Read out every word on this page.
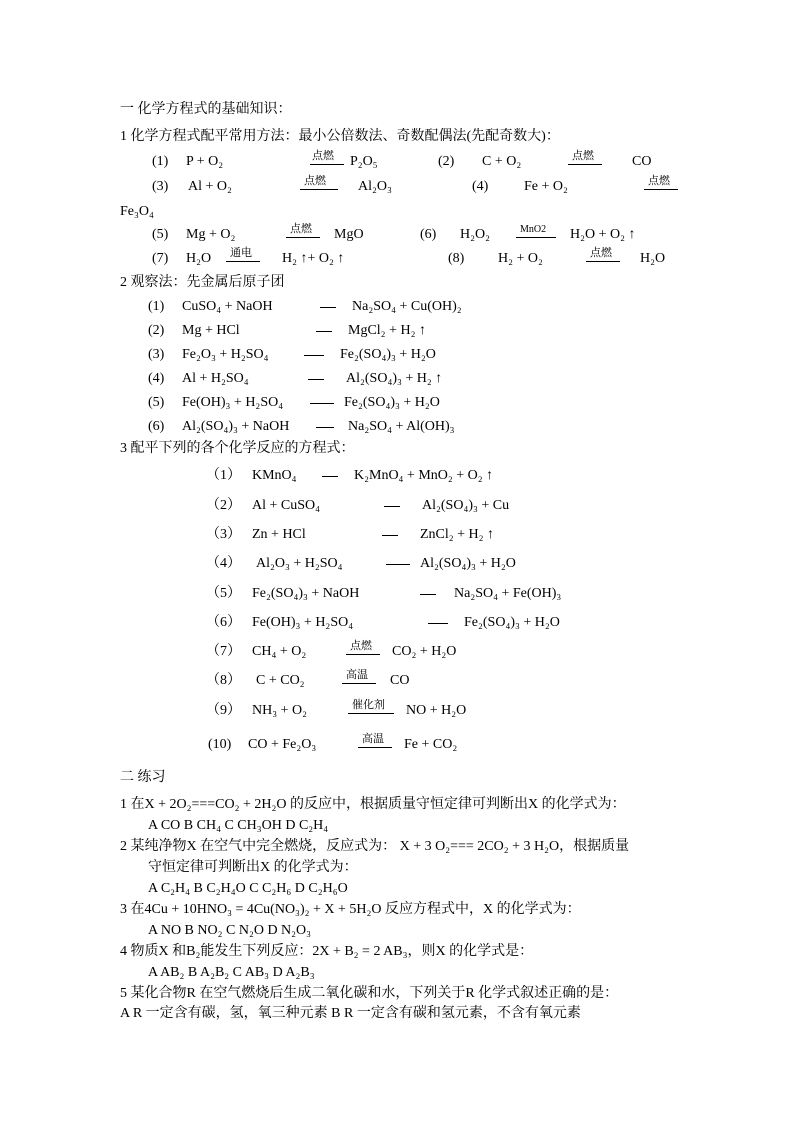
一 化学方程式的基础知识：
1 化学方程式配平常用方法：最小公倍数法、奇数配偶法(先配奇数大)：
(1) P + O₂	点燃 P₂O₅	(2) C + O₂	点燃	CO
(3) Al + O₂	点燃 Al₂O₃	(4)	Fe + O₂	点燃
Fe₃O₄
(5) Mg + O₂	点燃 MgO	(6) H₂O₂	MnO2 H₂O + O₂ ↑
(7) H₂O 通电 H₂ ↑+ O₂ ↑	(8) H₂ + O₂	点燃 H₂O
2 观察法：先金属后原子团
(1) CuSO₄ + NaOH	Na₂SO₄ + Cu(OH)₂
(2) Mg + HCl	MgCl₂ + H₂ ↑
(3) Fe₂O₃ + H₂SO₄	Fe₂(SO₄)₃ + H₂O
(4) Al + H₂SO₄	Al₂(SO₄)₃ + H₂ ↑
(5) Fe(OH)₃ + H₂SO₄	Fe₂(SO₄)₃ + H₂O
(6) Al₂(SO₄)₃ + NaOH	Na₂SO₄ + Al(OH)₃
3 配平下列的各个化学反应的方程式：
（1） KMnO₄	K₂MnO₄ + MnO₂ + O₂ ↑
（2） Al + CuSO₄	Al₂(SO₄)₃ + Cu
（3） Zn + HCl	ZnCl₂ + H₂ ↑
（4） Al₂O₃ + H₂SO₄	Al₂(SO₄)₃ + H₂O
（5） Fe₂(SO₄)₃ + NaOH	Na₂SO₄ + Fe(OH)₃
（6） Fe(OH)₃ + H₂SO₄	Fe₂(SO₄)₃ + H₂O
（7） CH₄ + O₂	点燃 CO₂ + H₂O
（8） C + CO₂	高温 CO
（9） NH₃ + O₂	催化剂 NO + H₂O
(10) CO + Fe₂O₃	高温 Fe + CO₂
二 练习
1 在X + 2O₂===CO₂ + 2H₂O 的反应中，根据质量守恒定律可判断出X 的化学式为：
A CO B CH₄ C CH₃OH D C₂H₄
2 某纯净物X 在空气中完全燃烧，反应式为： X + 3 O₂=== 2CO₂ + 3 H₂O，根据质量
守恒定律可判断出X 的化学式为：
A C₂H₄ B C₂H₄O C C₂H₆ D C₂H₆O
3 在4Cu + 10HNO₃ = 4Cu(NO₃)₂ + X + 5H₂O 反应方程式中，X 的化学式为：
A NO B NO₂ C N₂O D N₂O₃
4 物质X 和B₂能发生下列反应：2X + B₂ = 2 AB₃，则X 的化学式是：
A AB₂ B A₂B₂ C AB₃ D A₂B₃
5 某化合物R 在空气燃烧后生成二氧化碳和水，下列关于R 化学式叙述正确的是：
A R 一定含有碳，氢，氧三种元素 B R 一定含有碳和氢元素，不含有氧元素
